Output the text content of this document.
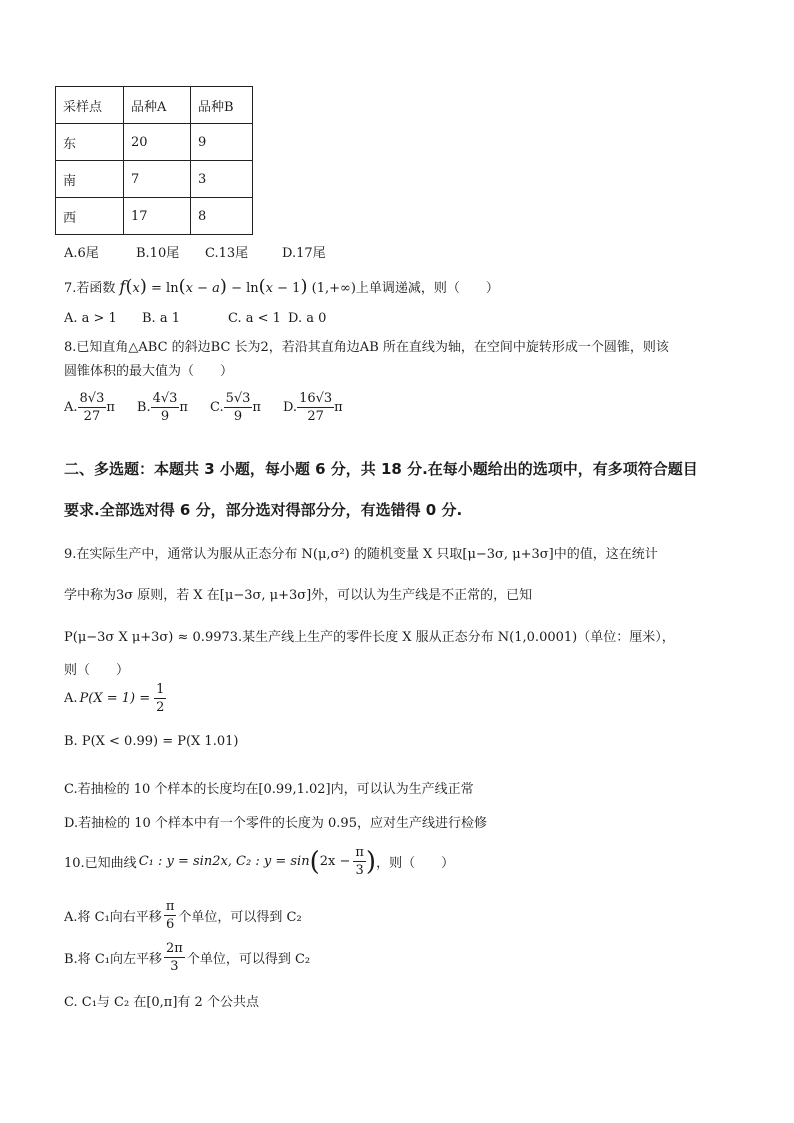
采样点	品种A	品种B
东	20	9
南	7	3
西	17	8
A.6尾	B.10尾 C.13尾	D.17尾
7.若函数 f(x) = ln(x − a) − ln(x − 1) (1,+∞)上单调递减，则（　　）
A. a > 1 B. a 1	C. a < 1 D. a 0
8.已知直角△ABC 的斜边BC 长为2，若沿其直角边AB 所在直线为轴，在空间中旋转形成一个圆锥，则该
圆锥体积的最大值为（　　）
A. $\frac{8√3}{27}$ π B. $\frac{4√3}{9}$ π C. $\frac{5√3}{9}$ π D. $\frac{16√3}{27}$ π
二、多选题：本题共 3 小题，每小题 6 分，共 18 分.在每小题给出的选项中，有多项符合题目
要求.全部选对得 6 分，部分选对得部分分，有选错得 0 分.
9.在实际生产中，通常认为服从正态分布 N(μ,σ²) 的随机变量 X 只取[μ−3σ, μ+3σ]中的值，这在统计
学中称为3σ 原则，若 X 在[μ−3σ, μ+3σ]外，可以认为生产线是不正常的，已知
P(μ−3σ X μ+3σ) ≈ 0.9973.某生产线上生产的零件长度 X 服从正态分布 N(1,0.0001)（单位：厘米），
则（　　）
A. $P(X = 1) = \frac{1}{2}$
B. P(X < 0.99) = P(X 1.01)
C.若抽检的 10 个样本的长度均在[0.99,1.02]内，可以认为生产线正常
D.若抽检的 10 个样本中有一个零件的长度为 0.95，应对生产线进行检修
10.已知曲线 C₁ : y = sin2x, C₂ : y = sin ( $2x - \frac{\pi}{3}$ ) ，则（　　）
A.将 C₁向右平移 $\frac{\pi}{6}$ 个单位，可以得到 C₂
B.将 C₁向左平移 $\frac{2\pi}{3}$ 个单位，可以得到 C₂
C. C₁与 C₂ 在[0,π]有 2 个公共点
